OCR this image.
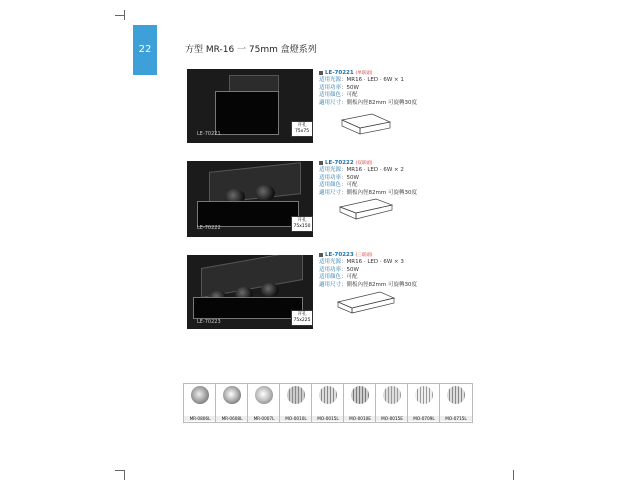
22	方型 MR-16 一 75mm 盒燈系列
LE-70221
开孔
75x75
LE-70221 (单联頭)
适用光源：MR16 · LED · 6W × 1
适用功率：50W
适用顏色：可配
適用尺寸：側板內徑82mm 可旋轉30度
LE-70222
开孔
75x150
LE-70222 (双联頭)
适用光源：MR16 · LED · 6W × 2
适用功率：50W
适用顏色：可配
適用尺寸：側板內徑82mm 可旋轉30度
LE-70223
开孔
75x225
LE-70223 (三联頭)
适用光源：MR16 · LED · 6W × 3
适用功率：50W
适用顏色：可配
適用尺寸：側板內徑82mm 可旋轉30度
MR-0806L	MR-0608L	MR-0007L	MO-0010L	MO-0015L	MO-0010E	MO-0015E	MO-0709L	MO-0715L
